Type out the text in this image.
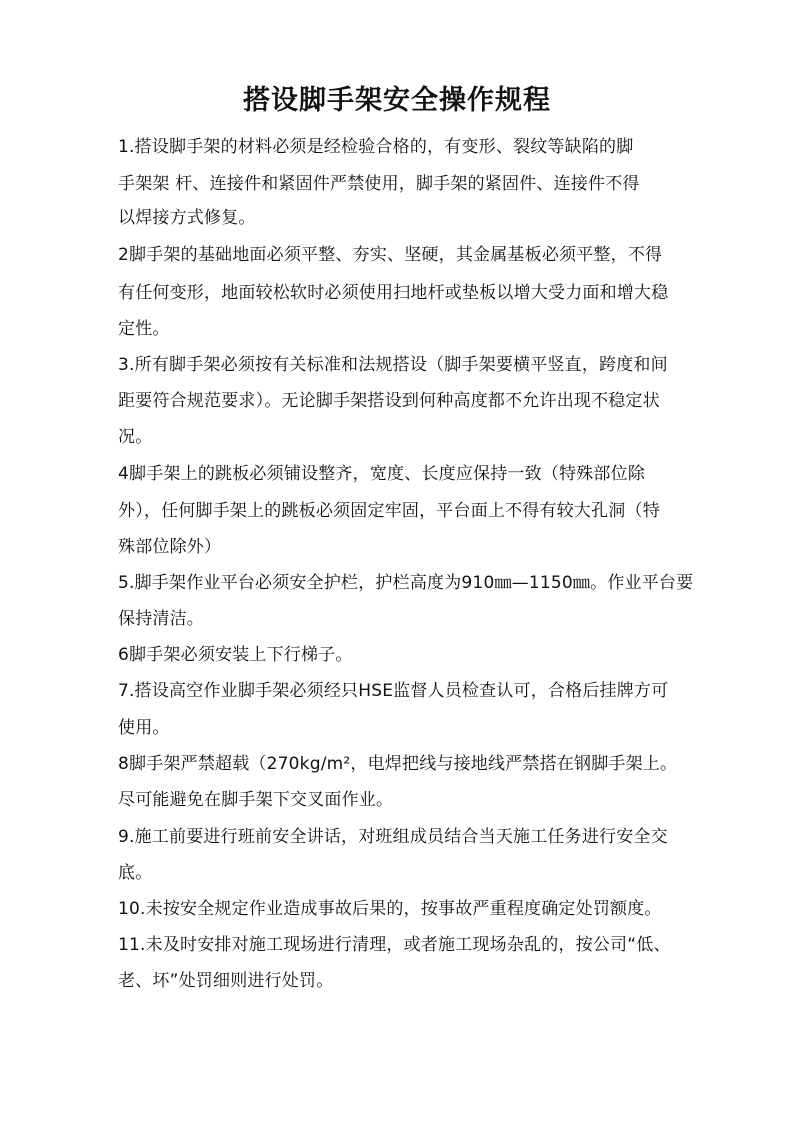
搭设脚手架安全操作规程
1.搭设脚手架的材料必须是经检验合格的，有变形、裂纹等缺陷的脚
手架架 杆、连接件和紧固件严禁使用，脚手架的紧固件、连接件不得
以焊接方式修复。
2脚手架的基础地面必须平整、夯实、坚硬，其金属基板必须平整，不得
有任何变形，地面较松软时必须使用扫地杆或垫板以增大受力面和增大稳
定性。
3.所有脚手架必须按有关标准和法规搭设（脚手架要横平竖直，跨度和间
距要符合规范要求）。无论脚手架搭设到何种高度都不允许出现不稳定状
况。
4脚手架上的跳板必须铺设整齐，宽度、长度应保持一致（特殊部位除
外），任何脚手架上的跳板必须固定牢固，平台面上不得有较大孔洞（特
殊部位除外）
5.脚手架作业平台必须安全护栏，护栏高度为910㎜—1150㎜。作业平台要
保持清洁。
6脚手架必须安装上下行梯子。
7.搭设高空作业脚手架必须经只HSE监督人员检查认可，合格后挂牌方可
使用。
8脚手架严禁超载（270kg/m²，电焊把线与接地线严禁搭在钢脚手架上。
尽可能避免在脚手架下交叉面作业。
9.施工前要进行班前安全讲话，对班组成员结合当天施工任务进行安全交
底。
10.未按安全规定作业造成事故后果的，按事故严重程度确定处罚额度。
11.未及时安排对施工现场进行清理，或者施工现场杂乱的，按公司“低、
老、坏”处罚细则进行处罚。
